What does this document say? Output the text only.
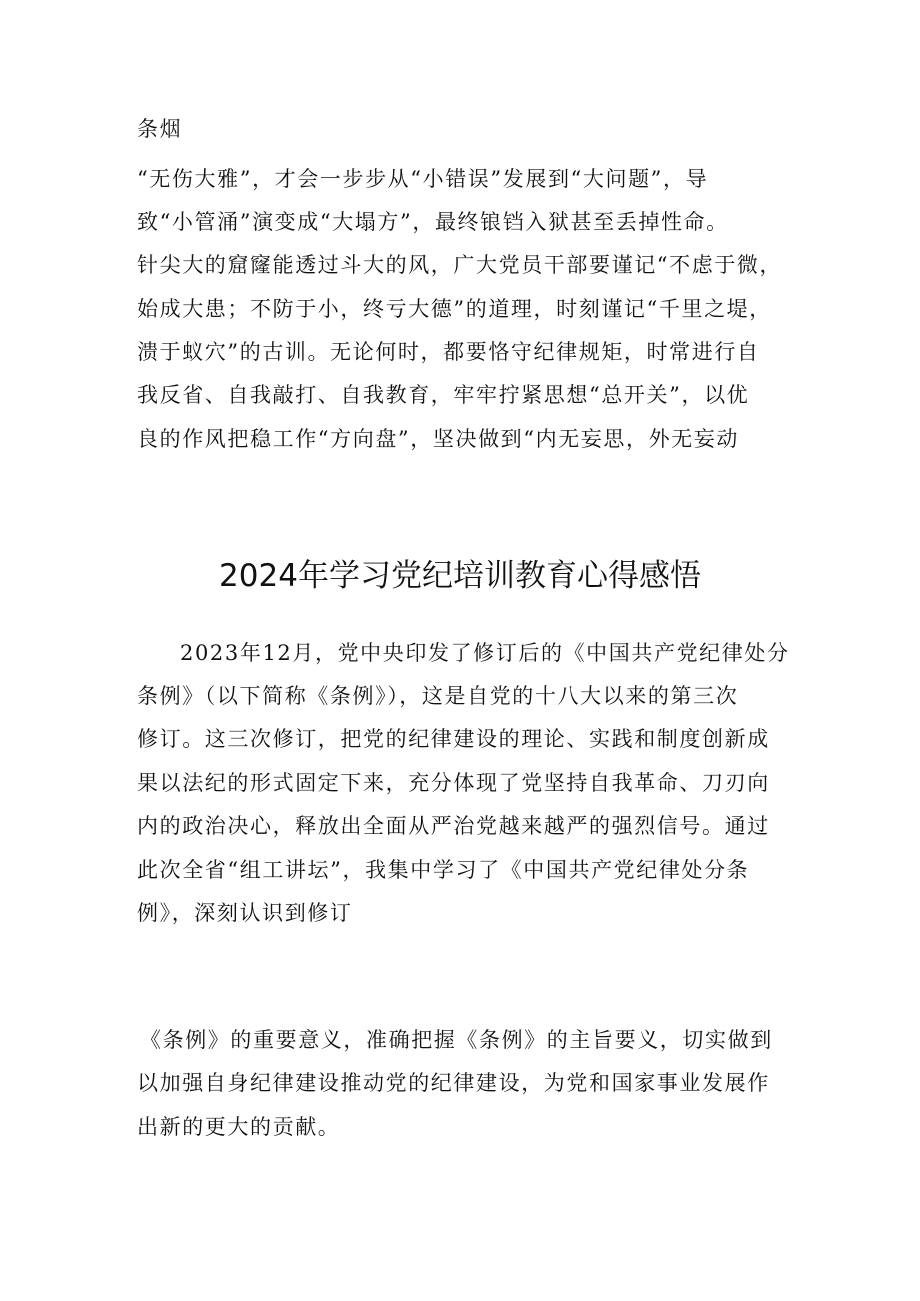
条烟
“无伤大雅”，才会一步步从“小错误”发展到“大问题”，导
致“小管涌”演变成“大塌方”，最终锒铛入狱甚至丢掉性命。
针尖大的窟窿能透过斗大的风，广大党员干部要谨记“不虑于微，
始成大患；不防于小，终亏大德”的道理，时刻谨记“千里之堤，
溃于蚁穴”的古训。无论何时，都要恪守纪律规矩，时常进行自
我反省、自我敲打、自我教育，牢牢拧紧思想“总开关”，以优
良的作风把稳工作“方向盘”，坚决做到“内无妄思，外无妄动
2024年学习党纪培训教育心得感悟
2023年12月，党中央印发了修订后的《中国共产党纪律处分
条例》（以下简称《条例》），这是自党的十八大以来的第三次
修订。这三次修订，把党的纪律建设的理论、实践和制度创新成
果以法纪的形式固定下来，充分体现了党坚持自我革命、刀刃向
内的政治决心，释放出全面从严治党越来越严的强烈信号。通过
此次全省“组工讲坛”，我集中学习了《中国共产党纪律处分条
例》，深刻认识到修订
《条例》的重要意义，准确把握《条例》的主旨要义，切实做到
以加强自身纪律建设推动党的纪律建设，为党和国家事业发展作
出新的更大的贡献。
